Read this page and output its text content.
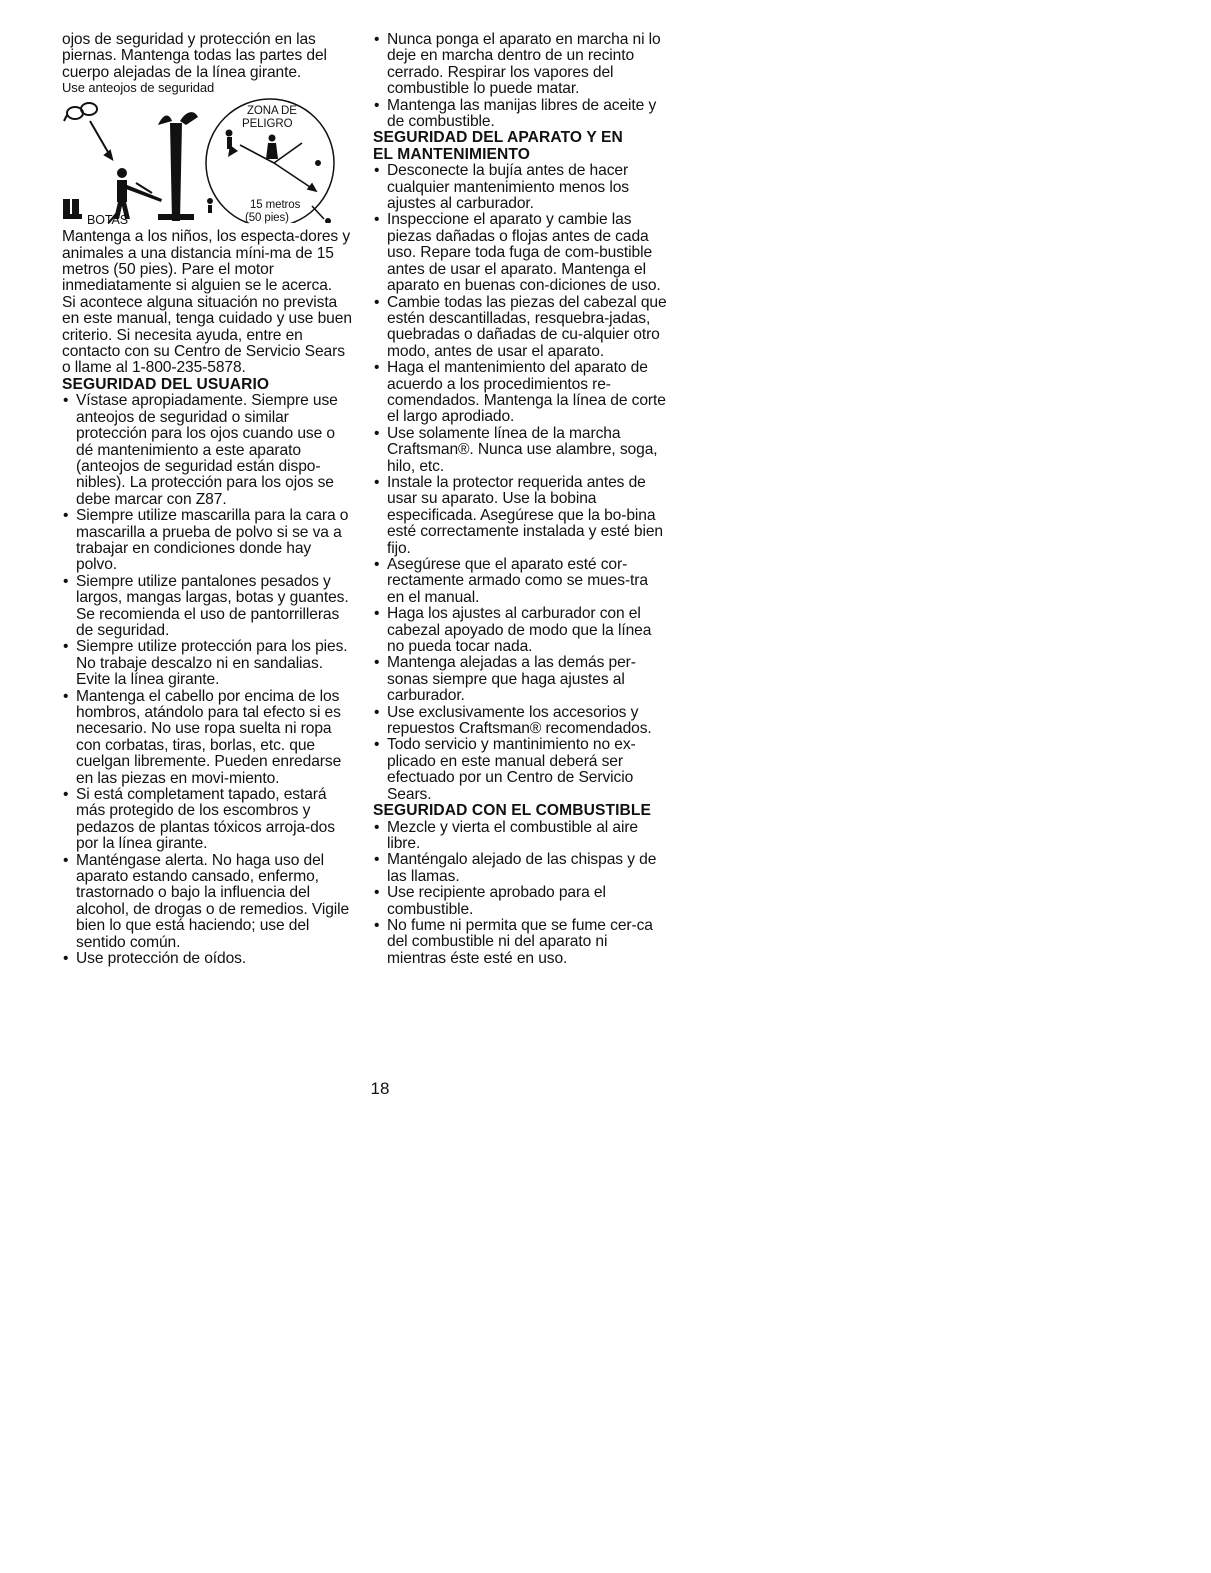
ojos de seguridad y protección en las piernas. Mantenga todas las partes del cuerpo alejadas de la línea girante.

Use anteojos de seguridad
ZONA DE
PELIGRO
15 metros
(50 pies)
BOTAS

Mantenga a los niños, los especta-dores y animales a una distancia míni-ma de 15 metros (50 pies). Pare el motor inmediatamente si alguien se le acerca.

Si acontece alguna situación no prevista en este manual, tenga cuidado y use buen criterio. Si necesita ayuda, entre en contacto con su Centro de Servicio Sears o llame al 1-800-235-5878.

SEGURIDAD DEL USUARIO

• Vístase apropiadamente. Siempre use anteojos de seguridad o similar protección para los ojos cuando use o dé mantenimiento a este aparato (anteojos de seguridad están dispo-nibles). La protección para los ojos se debe marcar con Z87.
• Siempre utilize mascarilla para la cara o mascarilla a prueba de polvo si se va a trabajar en condiciones donde hay polvo.
• Siempre utilize pantalones pesados y largos, mangas largas, botas y guantes. Se recomienda el uso de pantorrilleras de seguridad.
• Siempre utilize protección para los pies. No trabaje descalzo ni en sandalias. Evite la línea girante.
• Mantenga el cabello por encima de los hombros, atándolo para tal efecto si es necesario. No use ropa suelta ni ropa con corbatas, tiras, borlas, etc. que cuelgan libremente. Pueden enredarse en las piezas en movi-miento.
• Si está completament tapado, estará más protegido de los escombros y pedazos de plantas tóxicos arroja-dos por la línea girante.
• Manténgase alerta. No haga uso del aparato estando cansado, enfermo, trastornado o bajo la influencia del alcohol, de drogas o de remedios. Vigile bien lo que está haciendo; use del sentido común.
• Use protección de oídos.
• Nunca ponga el aparato en marcha ni lo deje en marcha dentro de un recinto cerrado. Respirar los vapores del combustible lo puede matar.
• Mantenga las manijas libres de aceite y de combustible.

SEGURIDAD DEL APARATO Y EN

EL MANTENIMIENTO

• Desconecte la bujía antes de hacer cualquier mantenimiento menos los ajustes al carburador.
• Inspeccione el aparato y cambie las piezas dañadas o flojas antes de cada uso. Repare toda fuga de com-bustible antes de usar el aparato. Mantenga el aparato en buenas con-diciones de uso.
• Cambie todas las piezas del cabezal que estén descantilladas, resquebra-jadas, quebradas o dañadas de cu-alquier otro modo, antes de usar el aparato.
• Haga el mantenimiento del aparato de acuerdo a los procedimientos re-comendados. Mantenga la línea de corte el largo aprodiado.
• Use solamente línea de la marcha Craftsman®. Nunca use alambre, soga, hilo, etc.
• Instale la protector requerida antes de usar su aparato. Use la bobina especificada. Asegúrese que la bo-bina esté correctamente instalada y esté bien fijo.
• Asegúrese que el aparato esté cor-rectamente armado como se mues-tra en el manual.
• Haga los ajustes al carburador con el cabezal apoyado de modo que la línea no pueda tocar nada.
• Mantenga alejadas a las demás per-sonas siempre que haga ajustes al carburador.
• Use exclusivamente los accesorios y repuestos Craftsman® recomendados.
• Todo servicio y mantinimiento no ex-plicado en este manual deberá ser efectuado por un Centro de Servicio Sears.

SEGURIDAD CON EL COMBUSTIBLE

• Mezcle y vierta el combustible al aire libre.
• Manténgalo alejado de las chispas y de las llamas.
• Use recipiente aprobado para el combustible.
• No fume ni permita que se fume cer-ca del combustible ni del aparato ni mientras éste esté en uso.
18
